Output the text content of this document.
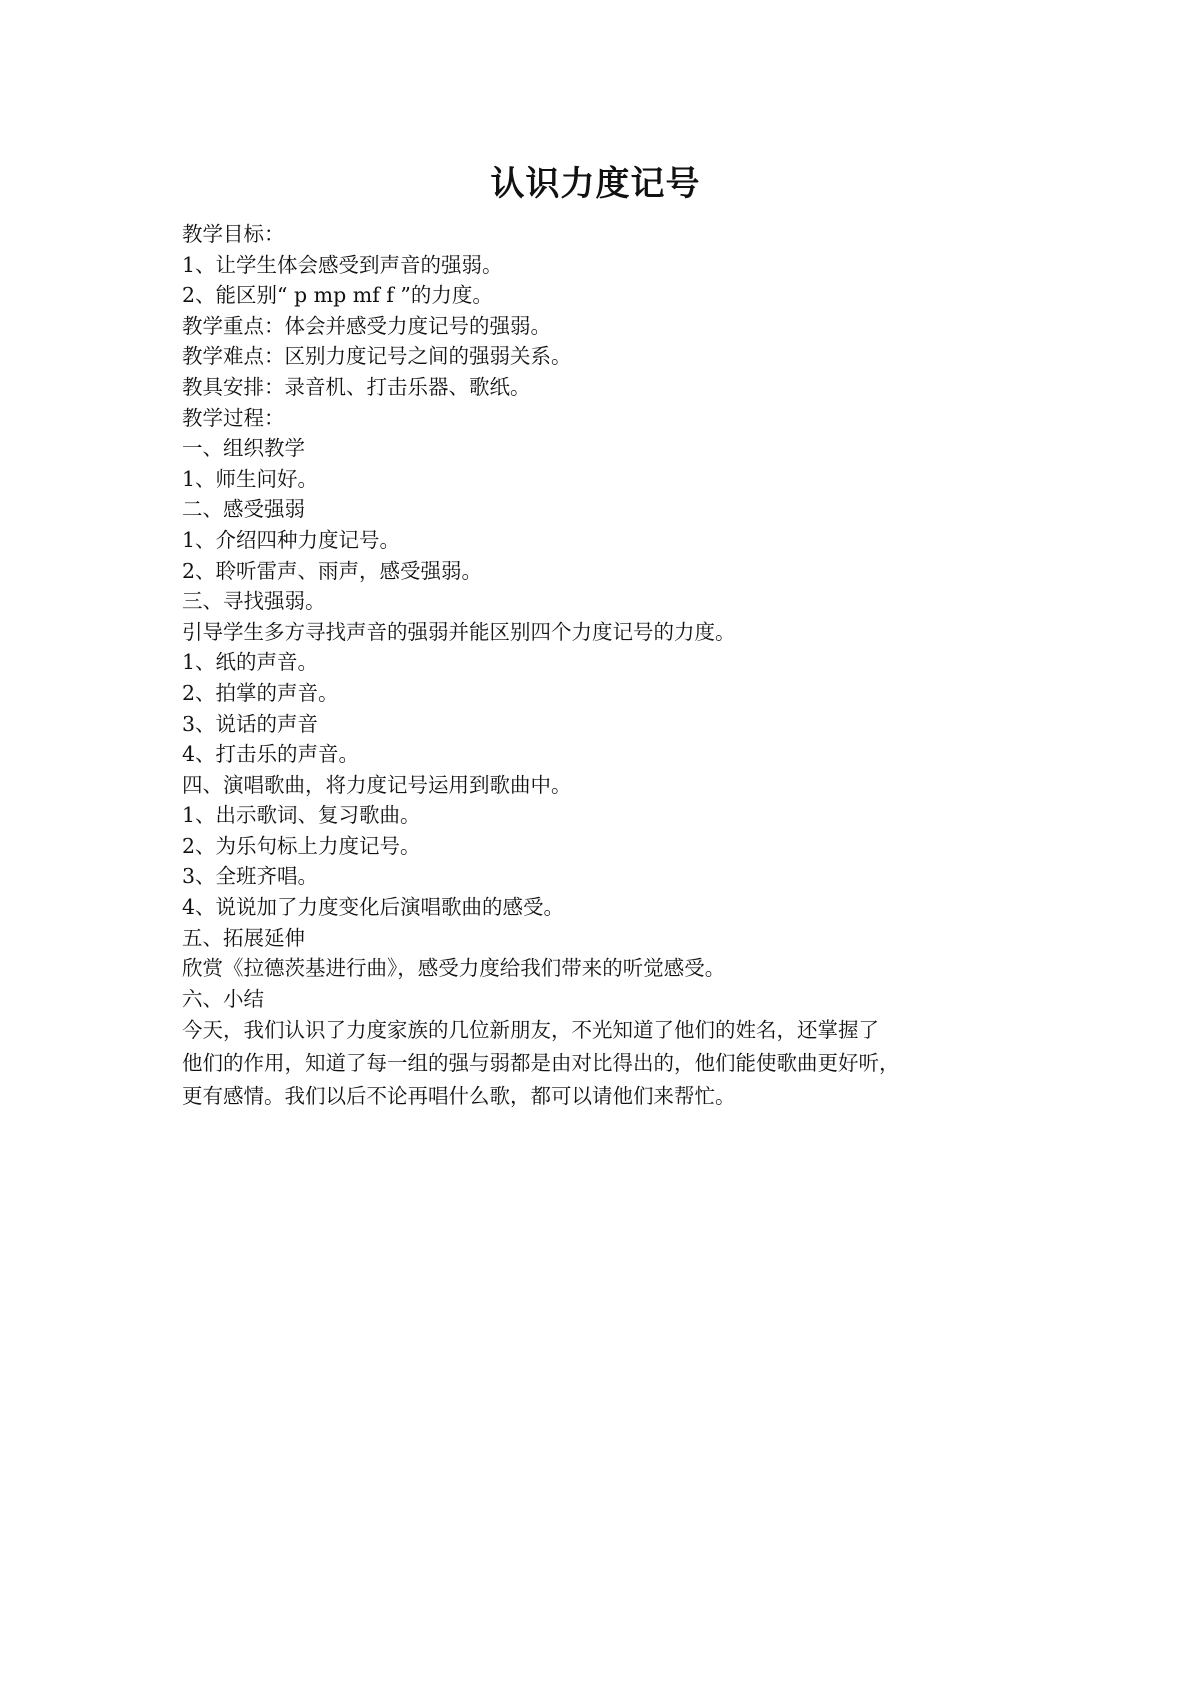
认识力度记号
教学目标：
1、让学生体会感受到声音的强弱。
2、能区别“ p mp mf f ”的力度。
教学重点：体会并感受力度记号的强弱。
教学难点：区别力度记号之间的强弱关系。
教具安排：录音机、打击乐器、歌纸。
教学过程：
一、组织教学
1、师生问好。
二、感受强弱
1、介绍四种力度记号。
2、聆听雷声、雨声，感受强弱。
三、寻找强弱。
引导学生多方寻找声音的强弱并能区别四个力度记号的力度。
1、纸的声音。
2、拍掌的声音。
3、说话的声音
4、打击乐的声音。
四、演唱歌曲，将力度记号运用到歌曲中。
1、出示歌词、复习歌曲。
2、为乐句标上力度记号。
3、全班齐唱。
4、说说加了力度变化后演唱歌曲的感受。
五、拓展延伸
欣赏《拉德茨基进行曲》，感受力度给我们带来的听觉感受。
六、小结
今天，我们认识了力度家族的几位新朋友，不光知道了他们的姓名，还掌握了
他们的作用，知道了每一组的强与弱都是由对比得出的，他们能使歌曲更好听，
更有感情。我们以后不论再唱什么歌，都可以请他们来帮忙。
